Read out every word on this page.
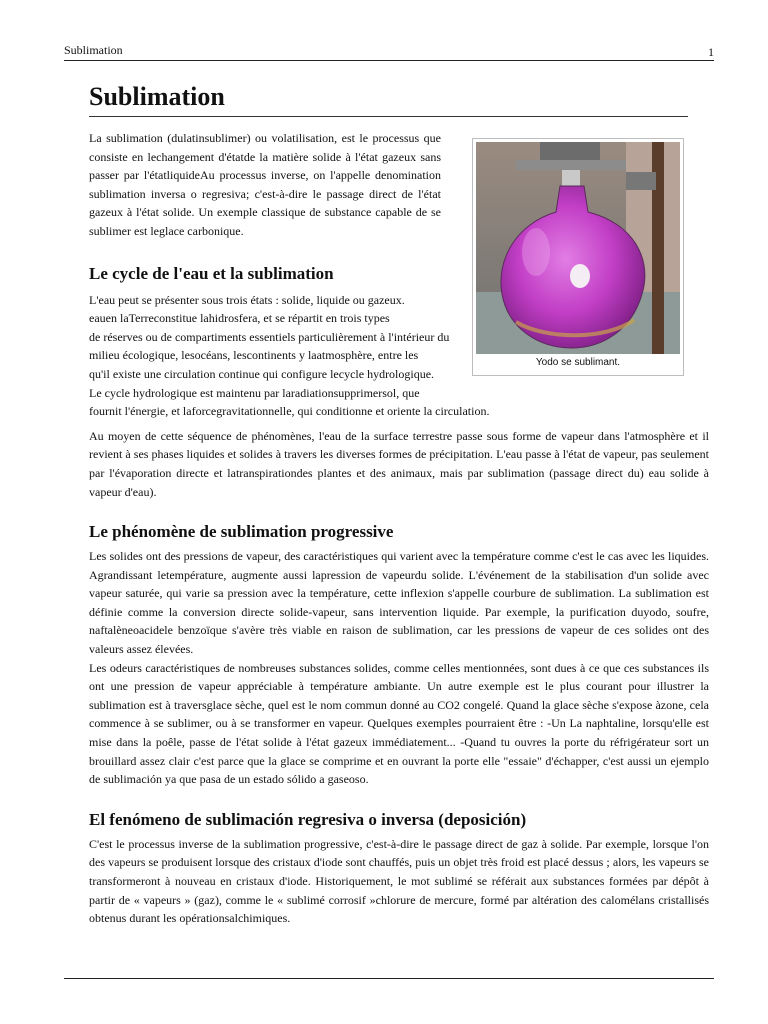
Sublimation	1
Yodo se sublimant.
Sublimation

La sublimation (dulatinsublimer) ou volatilisation, est le processus que consiste en lechangement d'étatde la matière solide à l'état gazeux sans passer par l'étatliquideAu processus inverse, on l'appelle denomination sublimation inversa o regresiva; c'est-à-dire le passage direct de l'état gazeux à l'état solide. Un exemple classique de substance capable de se sublimer est leglace carbonique.

Le cycle de l'eau et la sublimation

L'eau peut se présenter sous trois états : solide, liquide ou gazeux.
eauen laTerreconstitue lahidrosfera, et se répartit en trois types
de réserves ou de compartiments essentiels particulièrement à l'intérieur du
milieu écologique, lesocéans, lescontinents y laatmosphère, entre les
qu'il existe une circulation continue qui configure lecycle hydrologique.
Le cycle hydrologique est maintenu par laradiationsupprimersol, que
fournit l'énergie, et laforcegravitationnelle, qui conditionne et oriente la circulation.

Au moyen de cette séquence de phénomènes, l'eau de la surface terrestre passe sous forme de vapeur dans l'atmosphère et il revient à ses phases liquides et solides à travers les diverses formes de précipitation. L'eau passe à l'état de vapeur, pas seulement par l'évaporation directe et latranspirationdes plantes et des animaux, mais par sublimation (passage direct du) eau solide à vapeur d'eau).

Le phénomène de sublimation progressive

Les solides ont des pressions de vapeur, des caractéristiques qui varient avec la température comme c'est le cas avec les liquides. Agrandissant letempérature, augmente aussi lapression de vapeurdu solide. L'événement de la stabilisation d'un solide avec vapeur saturée, qui varie sa pression avec la température, cette inflexion s'appelle courbure de sublimation. La sublimation est définie comme la conversion directe solide-vapeur, sans intervention liquide. Par exemple, la purification duyodo, soufre, naftalèneoacidele benzoïque s'avère très viable en raison de sublimation, car les pressions de vapeur de ces solides ont des valeurs assez élevées.

Les odeurs caractéristiques de nombreuses substances solides, comme celles mentionnées, sont dues à ce que ces substances ils ont une pression de vapeur appréciable à température ambiante. Un autre exemple est le plus courant pour illustrer la sublimation est à traversglace sèche, quel est le nom commun donné au CO2 congelé. Quand la glace sèche s'expose àzone, cela commence à se sublimer, ou à se transformer en vapeur. Quelques exemples pourraient être : -Un La naphtaline, lorsqu'elle est mise dans la poêle, passe de l'état solide à l'état gazeux immédiatement... -Quand tu ouvres la porte du réfrigérateur sort un brouillard assez clair c'est parce que la glace se comprime et en ouvrant la porte elle "essaie" d'échapper, c'est aussi un ejemplo de sublimación ya que pasa de un estado sólido a gaseoso.

El fenómeno de sublimación regresiva o inversa (deposición)

C'est le processus inverse de la sublimation progressive, c'est-à-dire le passage direct de gaz à solide. Par exemple, lorsque l'on des vapeurs se produisent lorsque des cristaux d'iode sont chauffés, puis un objet très froid est placé dessus ; alors, les vapeurs se transformeront à nouveau en cristaux d'iode. Historiquement, le mot sublimé se référait aux substances formées par dépôt à partir de « vapeurs » (gaz), comme le « sublimé corrosif »chlorure de mercure, formé par altération des calomélans cristallisés obtenus durant les opérationsalchimiques.
